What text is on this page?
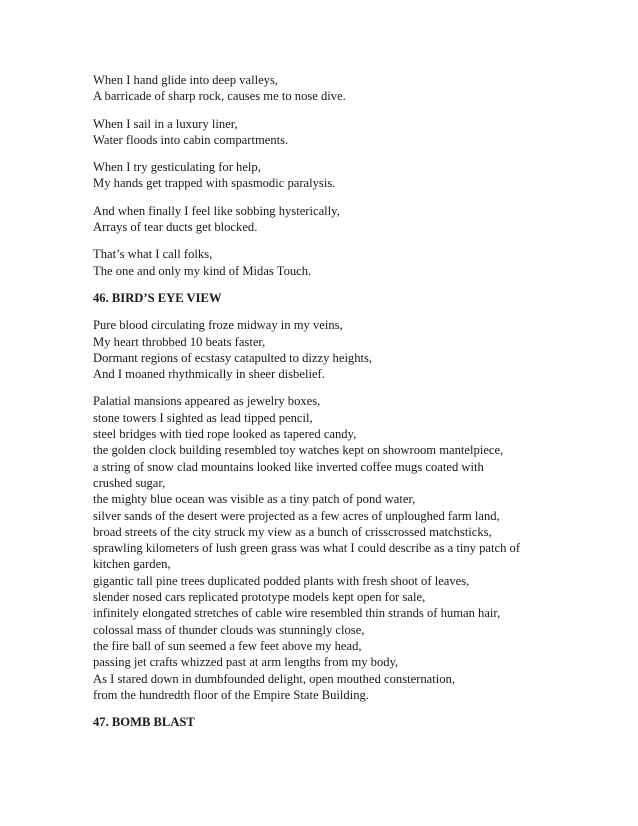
When I hand glide into deep valleys,
A barricade of sharp rock, causes me to nose dive.
When I sail in a luxury liner,
Water floods into cabin compartments.
When I try gesticulating for help,
My hands get trapped with spasmodic paralysis.
And when finally I feel like sobbing hysterically,
Arrays of tear ducts get blocked.
That’s what I call folks,
The one and only my kind of Midas Touch.
46. BIRD’S EYE VIEW
Pure blood circulating froze midway in my veins,
My heart throbbed 10 beats faster,
Dormant regions of ecstasy catapulted to dizzy heights,
And I moaned rhythmically in sheer disbelief.
Palatial mansions appeared as jewelry boxes,
stone towers I sighted as lead tipped pencil,
steel bridges with tied rope looked as tapered candy,
the golden clock building resembled toy watches kept on showroom mantelpiece,
a string of snow clad mountains looked like inverted coffee mugs coated with
crushed sugar,
the mighty blue ocean was visible as a tiny patch of pond water,
silver sands of the desert were projected as a few acres of unploughed farm land,
broad streets of the city struck my view as a bunch of crisscrossed matchsticks,
sprawling kilometers of lush green grass was what I could describe as a tiny patch of
kitchen garden,
gigantic tall pine trees duplicated podded plants with fresh shoot of leaves,
slender nosed cars replicated prototype models kept open for sale,
infinitely elongated stretches of cable wire resembled thin strands of human hair,
colossal mass of thunder clouds was stunningly close,
the fire ball of sun seemed a few feet above my head,
passing jet crafts whizzed past at arm lengths from my body,
As I stared down in dumbfounded delight, open mouthed consternation,
from the hundredth floor of the Empire State Building.
47. BOMB BLAST
